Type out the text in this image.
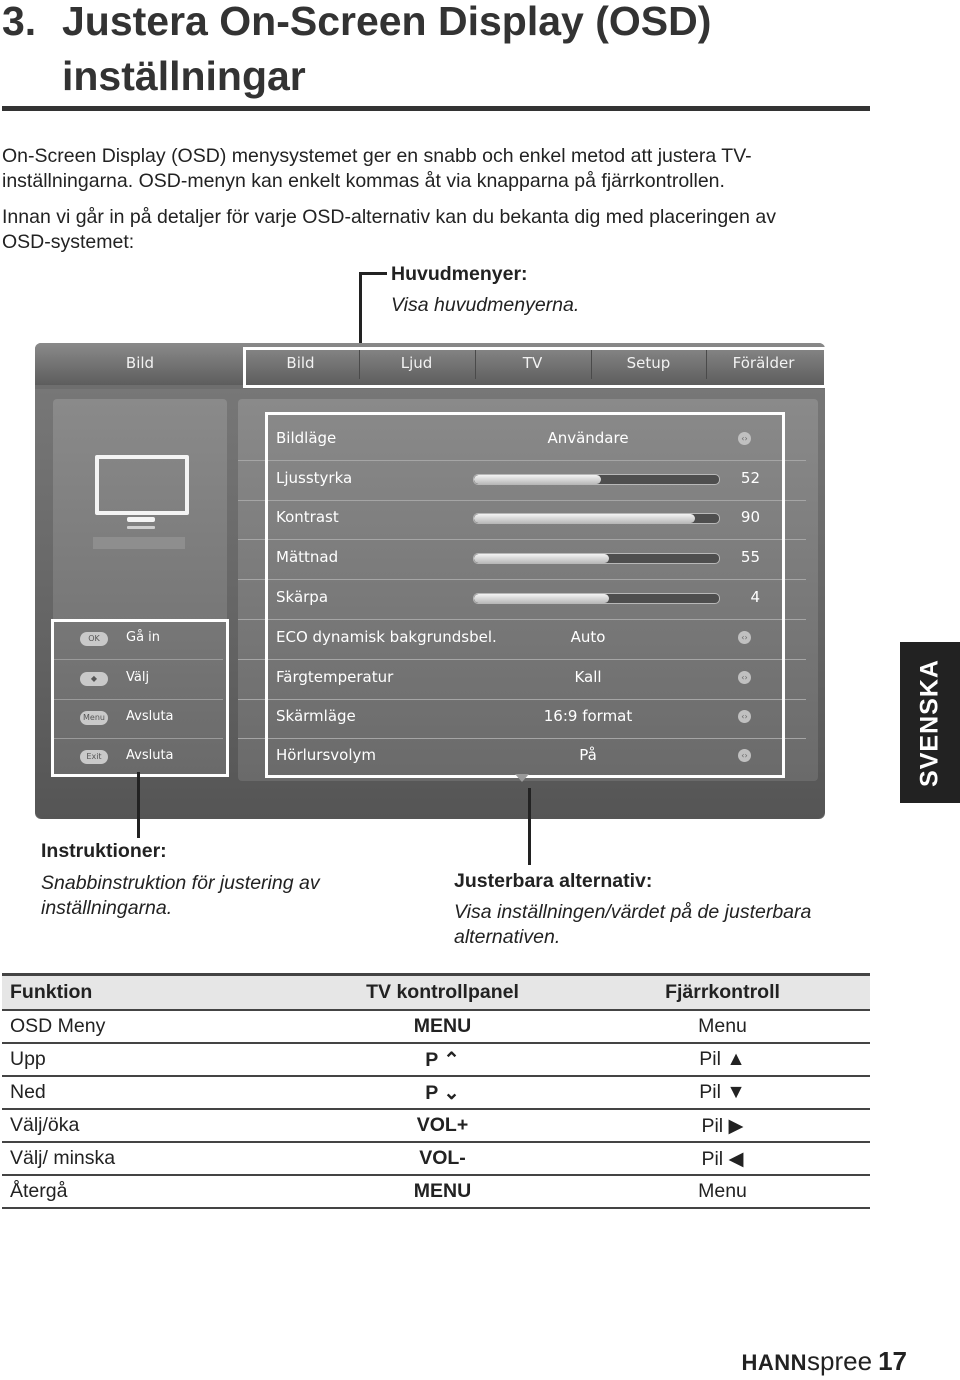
3. Justera On-Screen Display (OSD)
inställningar
On-Screen Display (OSD) menysystemet ger en snabb och enkel metod att justera TV-
inställningarna. OSD-menyn kan enkelt kommas åt via knapparna på fjärrkontrollen.
Innan vi går in på detaljer för varje OSD-alternativ kan du bekanta dig med placeringen av
OSD-systemet:
Huvudmenyer:
Visa huvudmenyerna.
Bild	Bild	Ljud	TV	Setup	Förälder
OK	Gå in
◆	Välj
Menu Avsluta
Exit	Avsluta
Bildläge	Användare	‹›
Ljusstyrka	52
Kontrast	90
Mättnad	55
Skärpa	4
ECO dynamisk bakgrundsbel.	Auto	‹›
Färgtemperatur	Kall	‹›
Skärmläge	16:9 format	‹›
Hörlursvolym	På	‹›
Instruktioner:
Snabbinstruktion för justering av
inställningarna.
Justerbara alternativ:
Visa inställningen/värdet på de justerbara
alternativen.
SVENSKA
Funktion	TV kontrollpanel	Fjärrkontroll
OSD Meny	MENU	Menu
Upp	P ⌃	Pil ▲
Ned	P ⌄	Pil ▼
Välj/öka	VOL+	Pil ▶
Välj/ minska	VOL-	Pil ◀
Återgå	MENU	Menu
HANNspree 17
